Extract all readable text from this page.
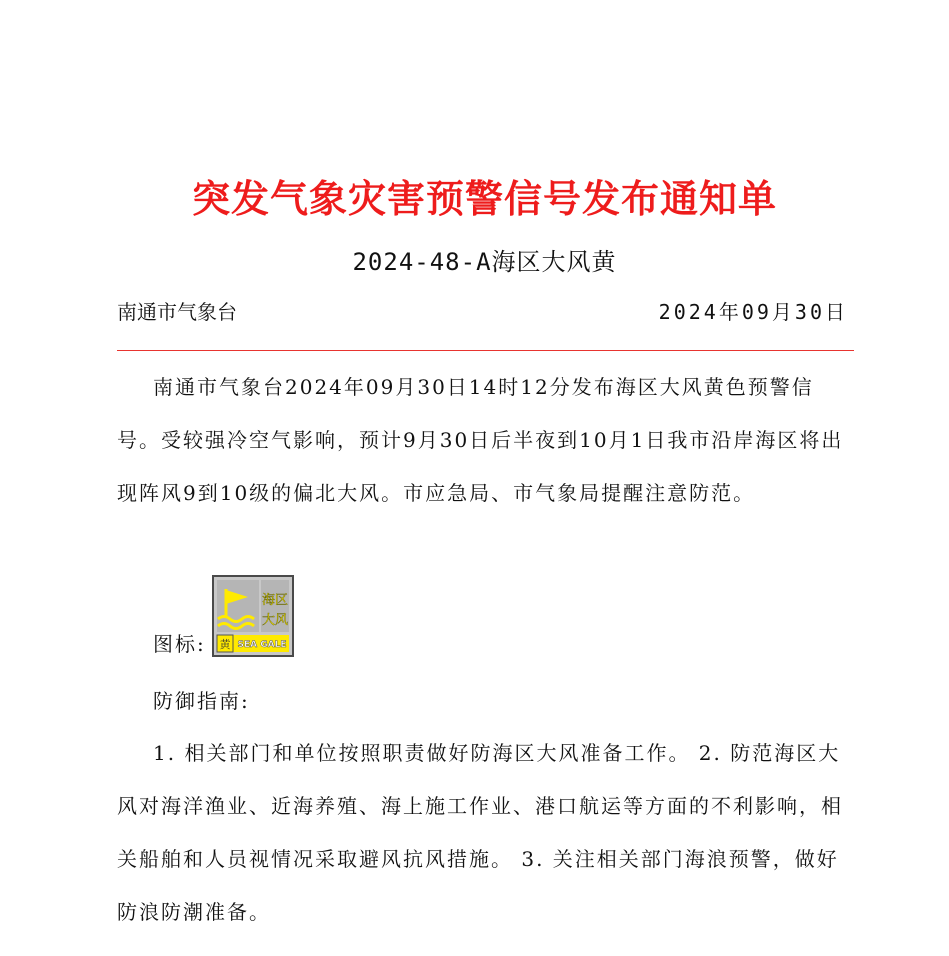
突发气象灾害预警信号发布通知单
2024-48-A海区大风黄
南通市气象台	2024年09月30日

南通市气象台2024年09月30日14时12分发布海区大风黄色预警信号。受较强冷空气影响，预计9月30日后半夜到10月1日我市沿岸海区将出现阵风9到10级的偏北大风。市应急局、市气象局提醒注意防范。

图标:
海区
大风
黄 SEA GALE
防御指南:

1. 相关部门和单位按照职责做好防海区大风准备工作。 2. 防范海区大风对海洋渔业、近海养殖、海上施工作业、港口航运等方面的不利影响，相关船舶和人员视情况采取避风抗风措施。 3. 关注相关部门海浪预警，做好防浪防潮准备。
